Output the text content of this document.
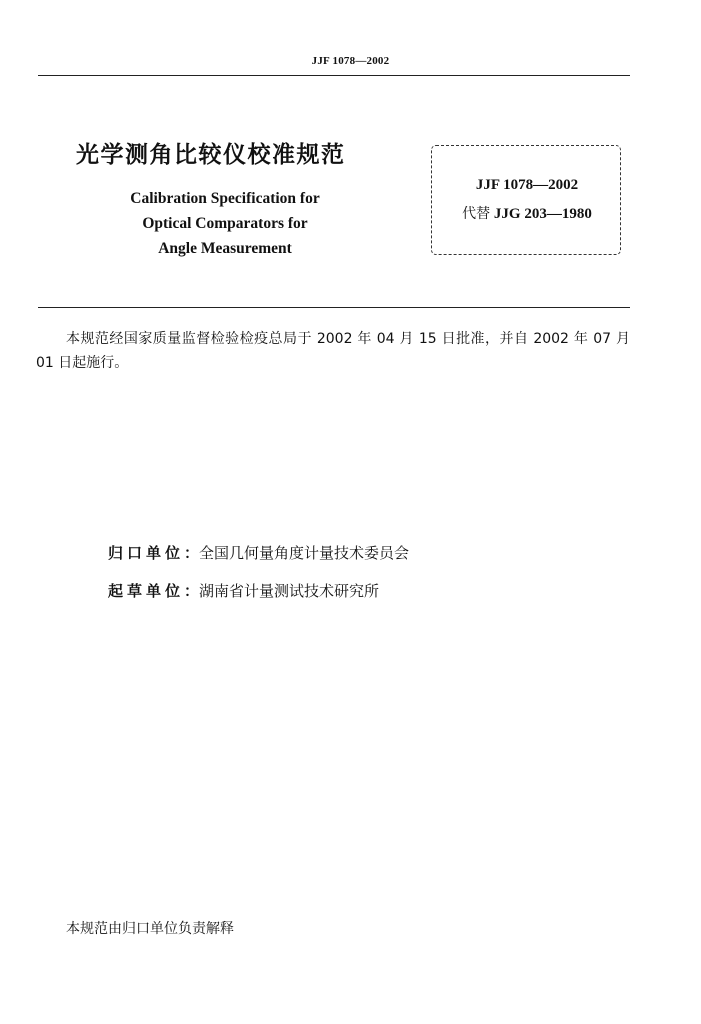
JJF 1078—2002
光学测角比较仪校准规范
Calibration Specification for
Optical Comparators for
Angle Measurement
JJF 1078—2002
代替 JJG 203—1980
本规范经国家质量监督检验检疫总局于 2002 年 04 月 15 日批准，并自 2002 年 07 月 01 日起施行。
归口单位：全国几何量角度计量技术委员会
起草单位：湖南省计量测试技术研究所
本规范由归口单位负责解释
